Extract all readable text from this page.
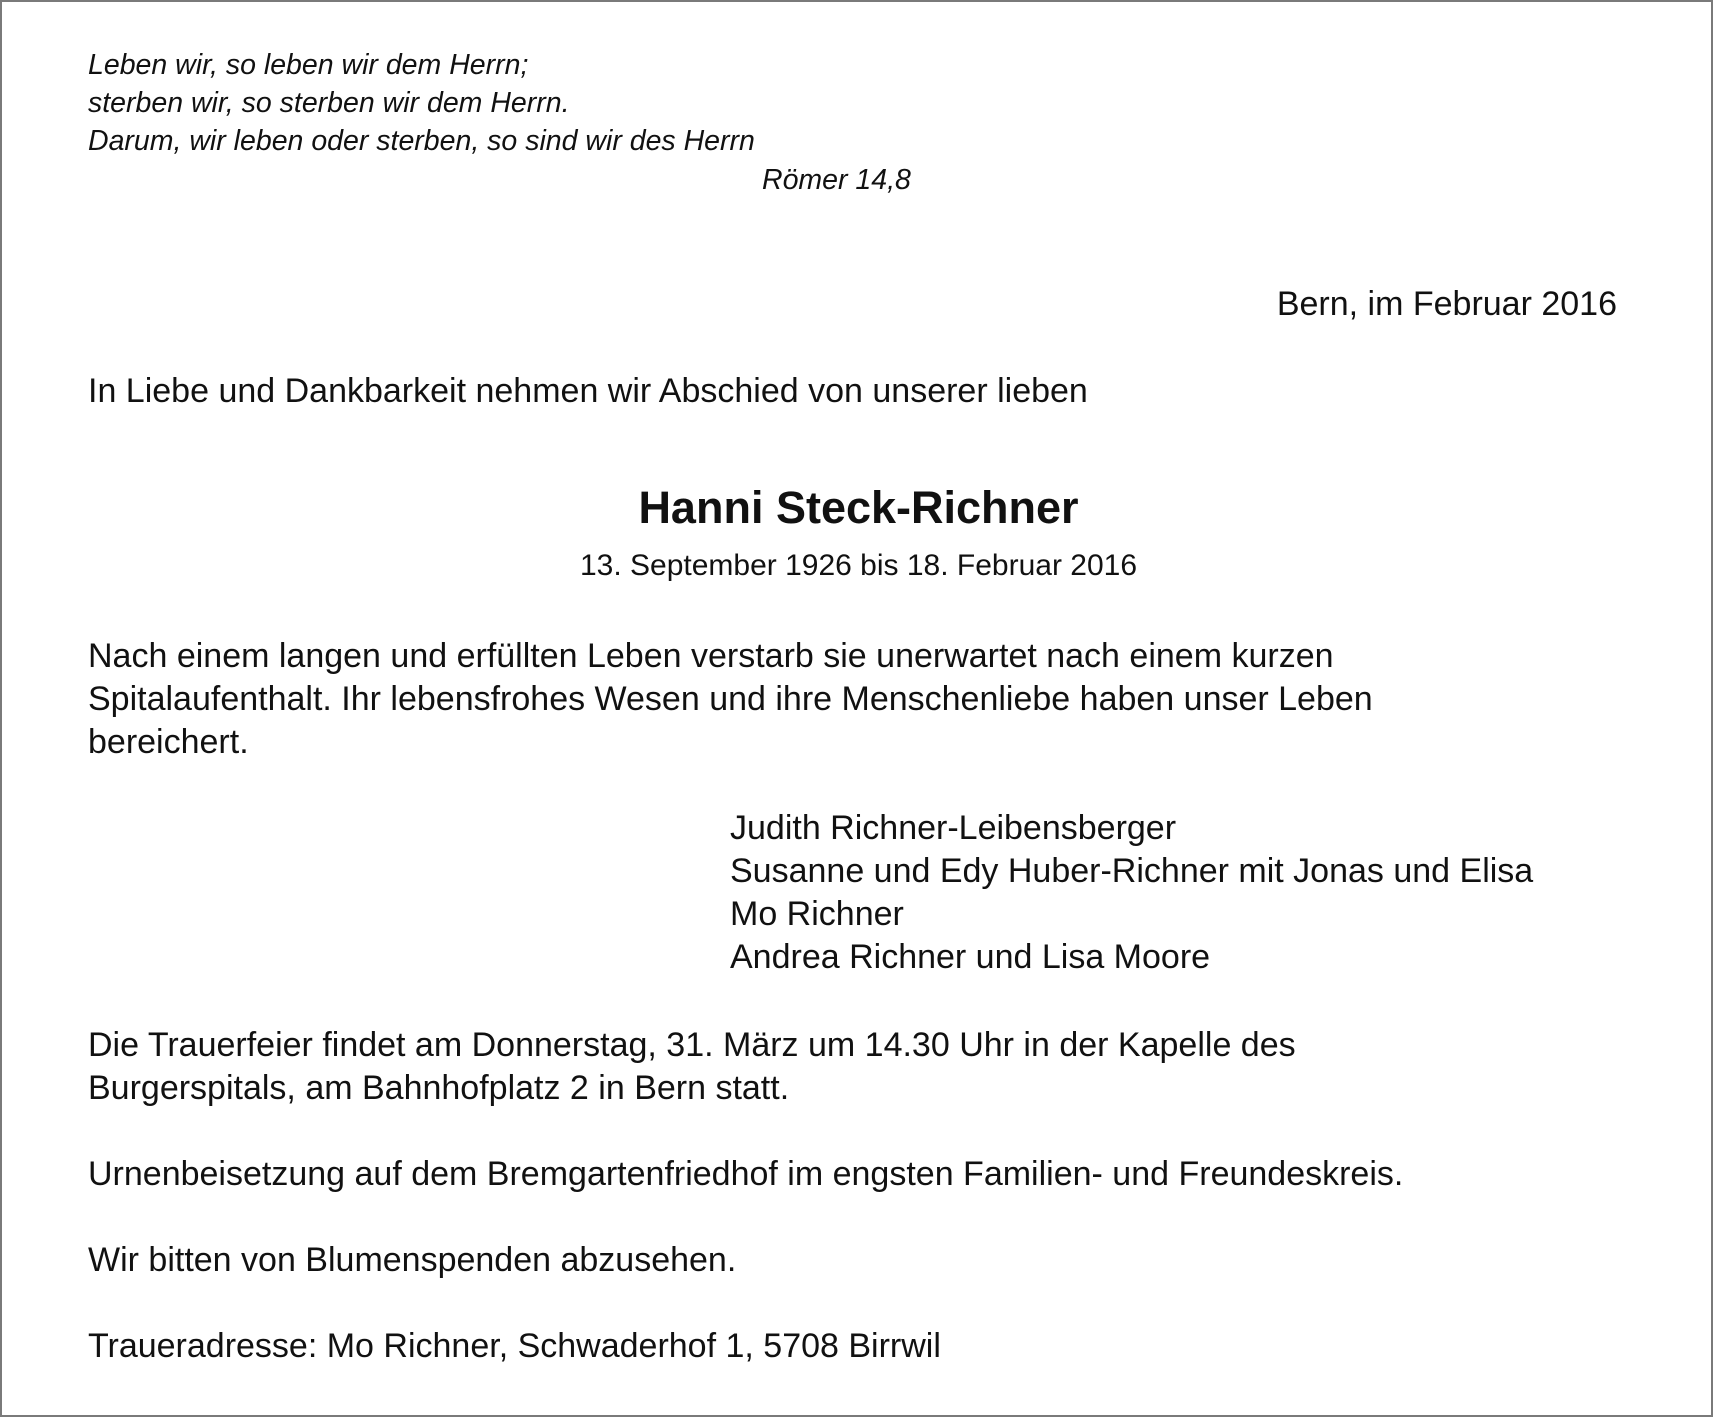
Leben wir, so leben wir dem Herrn;
sterben wir, so sterben wir dem Herrn.
Darum, wir leben oder sterben, so sind wir des Herrn
Römer 14,8
Bern, im Februar 2016
In Liebe und Dankbarkeit nehmen wir Abschied von unserer lieben
Hanni Steck-Richner
13. September 1926 bis 18. Februar 2016
Nach einem langen und erfüllten Leben verstarb sie unerwartet nach einem kurzen
Spitalaufenthalt. Ihr lebensfrohes Wesen und ihre Menschenliebe haben unser Leben
bereichert.
Judith Richner-Leibensberger
Susanne und Edy Huber-Richner mit Jonas und Elisa
Mo Richner
Andrea Richner und Lisa Moore
Die Trauerfeier findet am Donnerstag, 31. März um 14.30 Uhr in der Kapelle des
Burgerspitals, am Bahnhofplatz 2 in Bern statt.
Urnenbeisetzung auf dem Bremgartenfriedhof im engsten Familien- und Freundeskreis.
Wir bitten von Blumenspenden abzusehen.
Traueradresse: Mo Richner, Schwaderhof 1, 5708 Birrwil
